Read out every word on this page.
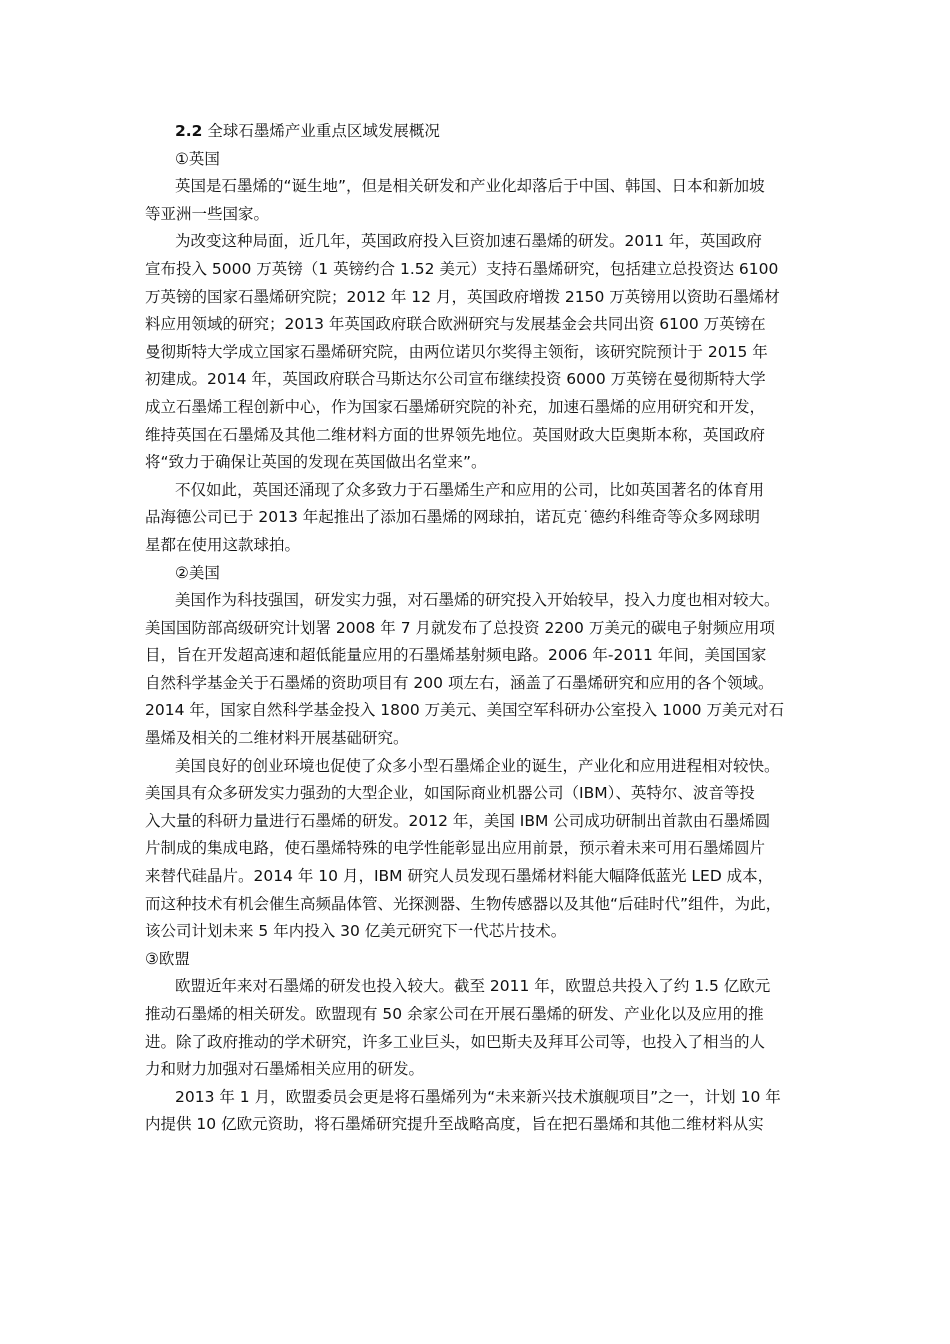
2.2 全球石墨烯产业重点区域发展概况
①英国
英国是石墨烯的“诞生地”，但是相关研发和产业化却落后于中国、韩国、日本和新加坡
等亚洲一些国家。
为改变这种局面，近几年，英国政府投入巨资加速石墨烯的研发。2011 年，英国政府
宣布投入 5000 万英镑（1 英镑约合 1.52 美元）支持石墨烯研究，包括建立总投资达 6100
万英镑的国家石墨烯研究院；2012 年 12 月，英国政府增拨 2150 万英镑用以资助石墨烯材
料应用领域的研究；2013 年英国政府联合欧洲研究与发展基金会共同出资 6100 万英镑在
曼彻斯特大学成立国家石墨烯研究院，由两位诺贝尔奖得主领衔，该研究院预计于 2015 年
初建成。2014 年，英国政府联合马斯达尔公司宣布继续投资 6000 万英镑在曼彻斯特大学
成立石墨烯工程创新中心，作为国家石墨烯研究院的补充，加速石墨烯的应用研究和开发，
维持英国在石墨烯及其他二维材料方面的世界领先地位。英国财政大臣奥斯本称，英国政府
将“致力于确保让英国的发现在英国做出名堂来”。
不仅如此，英国还涌现了众多致力于石墨烯生产和应用的公司，比如英国著名的体育用
品海德公司已于 2013 年起推出了添加石墨烯的网球拍，诺瓦克˙德约科维奇等众多网球明
星都在使用这款球拍。
②美国
美国作为科技强国，研发实力强，对石墨烯的研究投入开始较早，投入力度也相对较大。
美国国防部高级研究计划署 2008 年 7 月就发布了总投资 2200 万美元的碳电子射频应用项
目，旨在开发超高速和超低能量应用的石墨烯基射频电路。2006 年-2011 年间，美国国家
自然科学基金关于石墨烯的资助项目有 200 项左右，涵盖了石墨烯研究和应用的各个领域。
2014 年，国家自然科学基金投入 1800 万美元、美国空军科研办公室投入 1000 万美元对石
墨烯及相关的二维材料开展基础研究。
美国良好的创业环境也促使了众多小型石墨烯企业的诞生，产业化和应用进程相对较快。
美国具有众多研发实力强劲的大型企业，如国际商业机器公司（IBM）、英特尔、波音等投
入大量的科研力量进行石墨烯的研发。2012 年，美国 IBM 公司成功研制出首款由石墨烯圆
片制成的集成电路，使石墨烯特殊的电学性能彰显出应用前景，预示着未来可用石墨烯圆片
来替代硅晶片。2014 年 10 月，IBM 研究人员发现石墨烯材料能大幅降低蓝光 LED 成本，
而这种技术有机会催生高频晶体管、光探测器、生物传感器以及其他“后硅时代”组件，为此，
该公司计划未来 5 年内投入 30 亿美元研究下一代芯片技术。
③欧盟
欧盟近年来对石墨烯的研发也投入较大。截至 2011 年，欧盟总共投入了约 1.5 亿欧元
推动石墨烯的相关研发。欧盟现有 50 余家公司在开展石墨烯的研发、产业化以及应用的推
进。除了政府推动的学术研究，许多工业巨头，如巴斯夫及拜耳公司等，也投入了相当的人
力和财力加强对石墨烯相关应用的研发。
2013 年 1 月，欧盟委员会更是将石墨烯列为“未来新兴技术旗舰项目”之一，计划 10 年
内提供 10 亿欧元资助，将石墨烯研究提升至战略高度，旨在把石墨烯和其他二维材料从实
